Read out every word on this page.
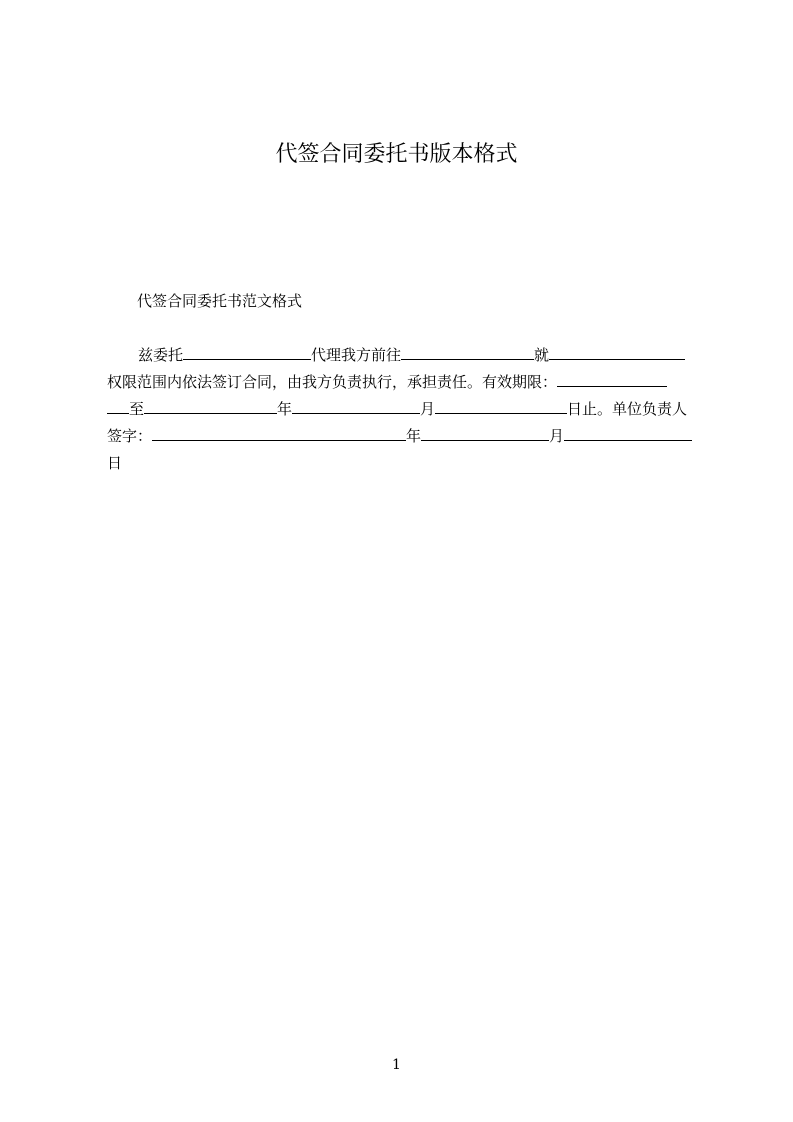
代签合同委托书版本格式

代签合同委托书范文格式

兹委托	代理我方前往	就

权限范围内依法签订合同，由我方负责执行，承担责任。有效期限：

至	年	月	日止。单位负责人

签字：	年	月

日

1
